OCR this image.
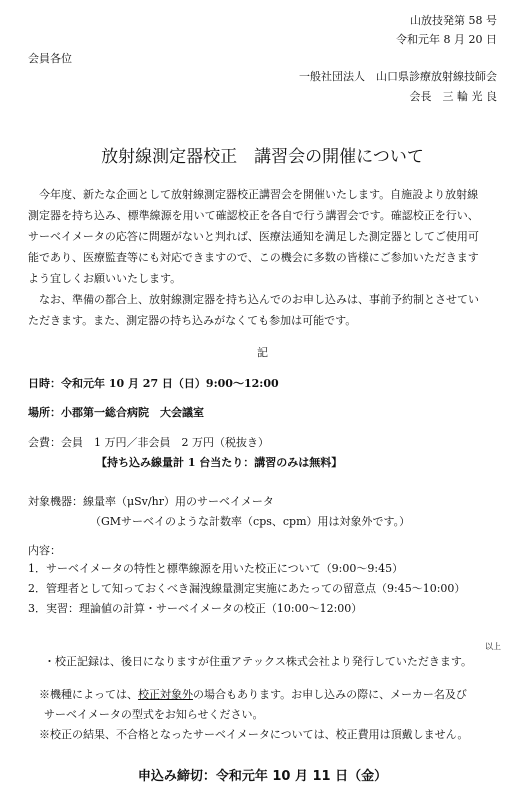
山放技発第 58 号
令和元年 8 月 20 日
会員各位
一般社団法人　山口県診療放射線技師会
会長　三 輪 光 良
放射線測定器校正　講習会の開催について
　今年度、新たな企画として放射線測定器校正講習会を開催いたします。自施設より放射線
測定器を持ち込み、標準線源を用いて確認校正を各自で行う講習会です。確認校正を行い、
サーベイメータの応答に問題がないと判れば、医療法通知を満足した測定器としてご使用可
能であり、医療監査等にも対応できますので、この機会に多数の皆様にご参加いただきます
よう宜しくお願いいたします。
　なお、準備の都合上、放射線測定器を持ち込んでのお申し込みは、事前予約制とさせてい
ただきます。また、測定器の持ち込みがなくても参加は可能です。
記
日時：令和元年 10 月 27 日（日）9:00～12:00
場所：小郡第一総合病院　大会議室
会費：会員　1 万円／非会員　2 万円（税抜き）
【持ち込み線量計 1 台当たり：講習のみは無料】
対象機器：線量率（μSv/hr）用のサーベイメータ
（GMサーベイのような計数率（cps、cpm）用は対象外です。）
内容：
1．サーベイメータの特性と標準線源を用いた校正について（9:00～9:45）
2．管理者として知っておくべき漏洩線量測定実施にあたっての留意点（9:45～10:00）
3．実習：理論値の計算・サーベイメータの校正（10:00～12:00）
以上
・校正記録は、後日になりますが住重アテックス株式会社より発行していただきます。
　※機種によっては、校正対象外の場合もあります。お申し込みの際に、メーカー名及び
サーベイメータの型式をお知らせください。
　※校正の結果、不合格となったサーベイメータについては、校正費用は頂戴しません。
申込み締切：令和元年 10 月 11 日（金）
